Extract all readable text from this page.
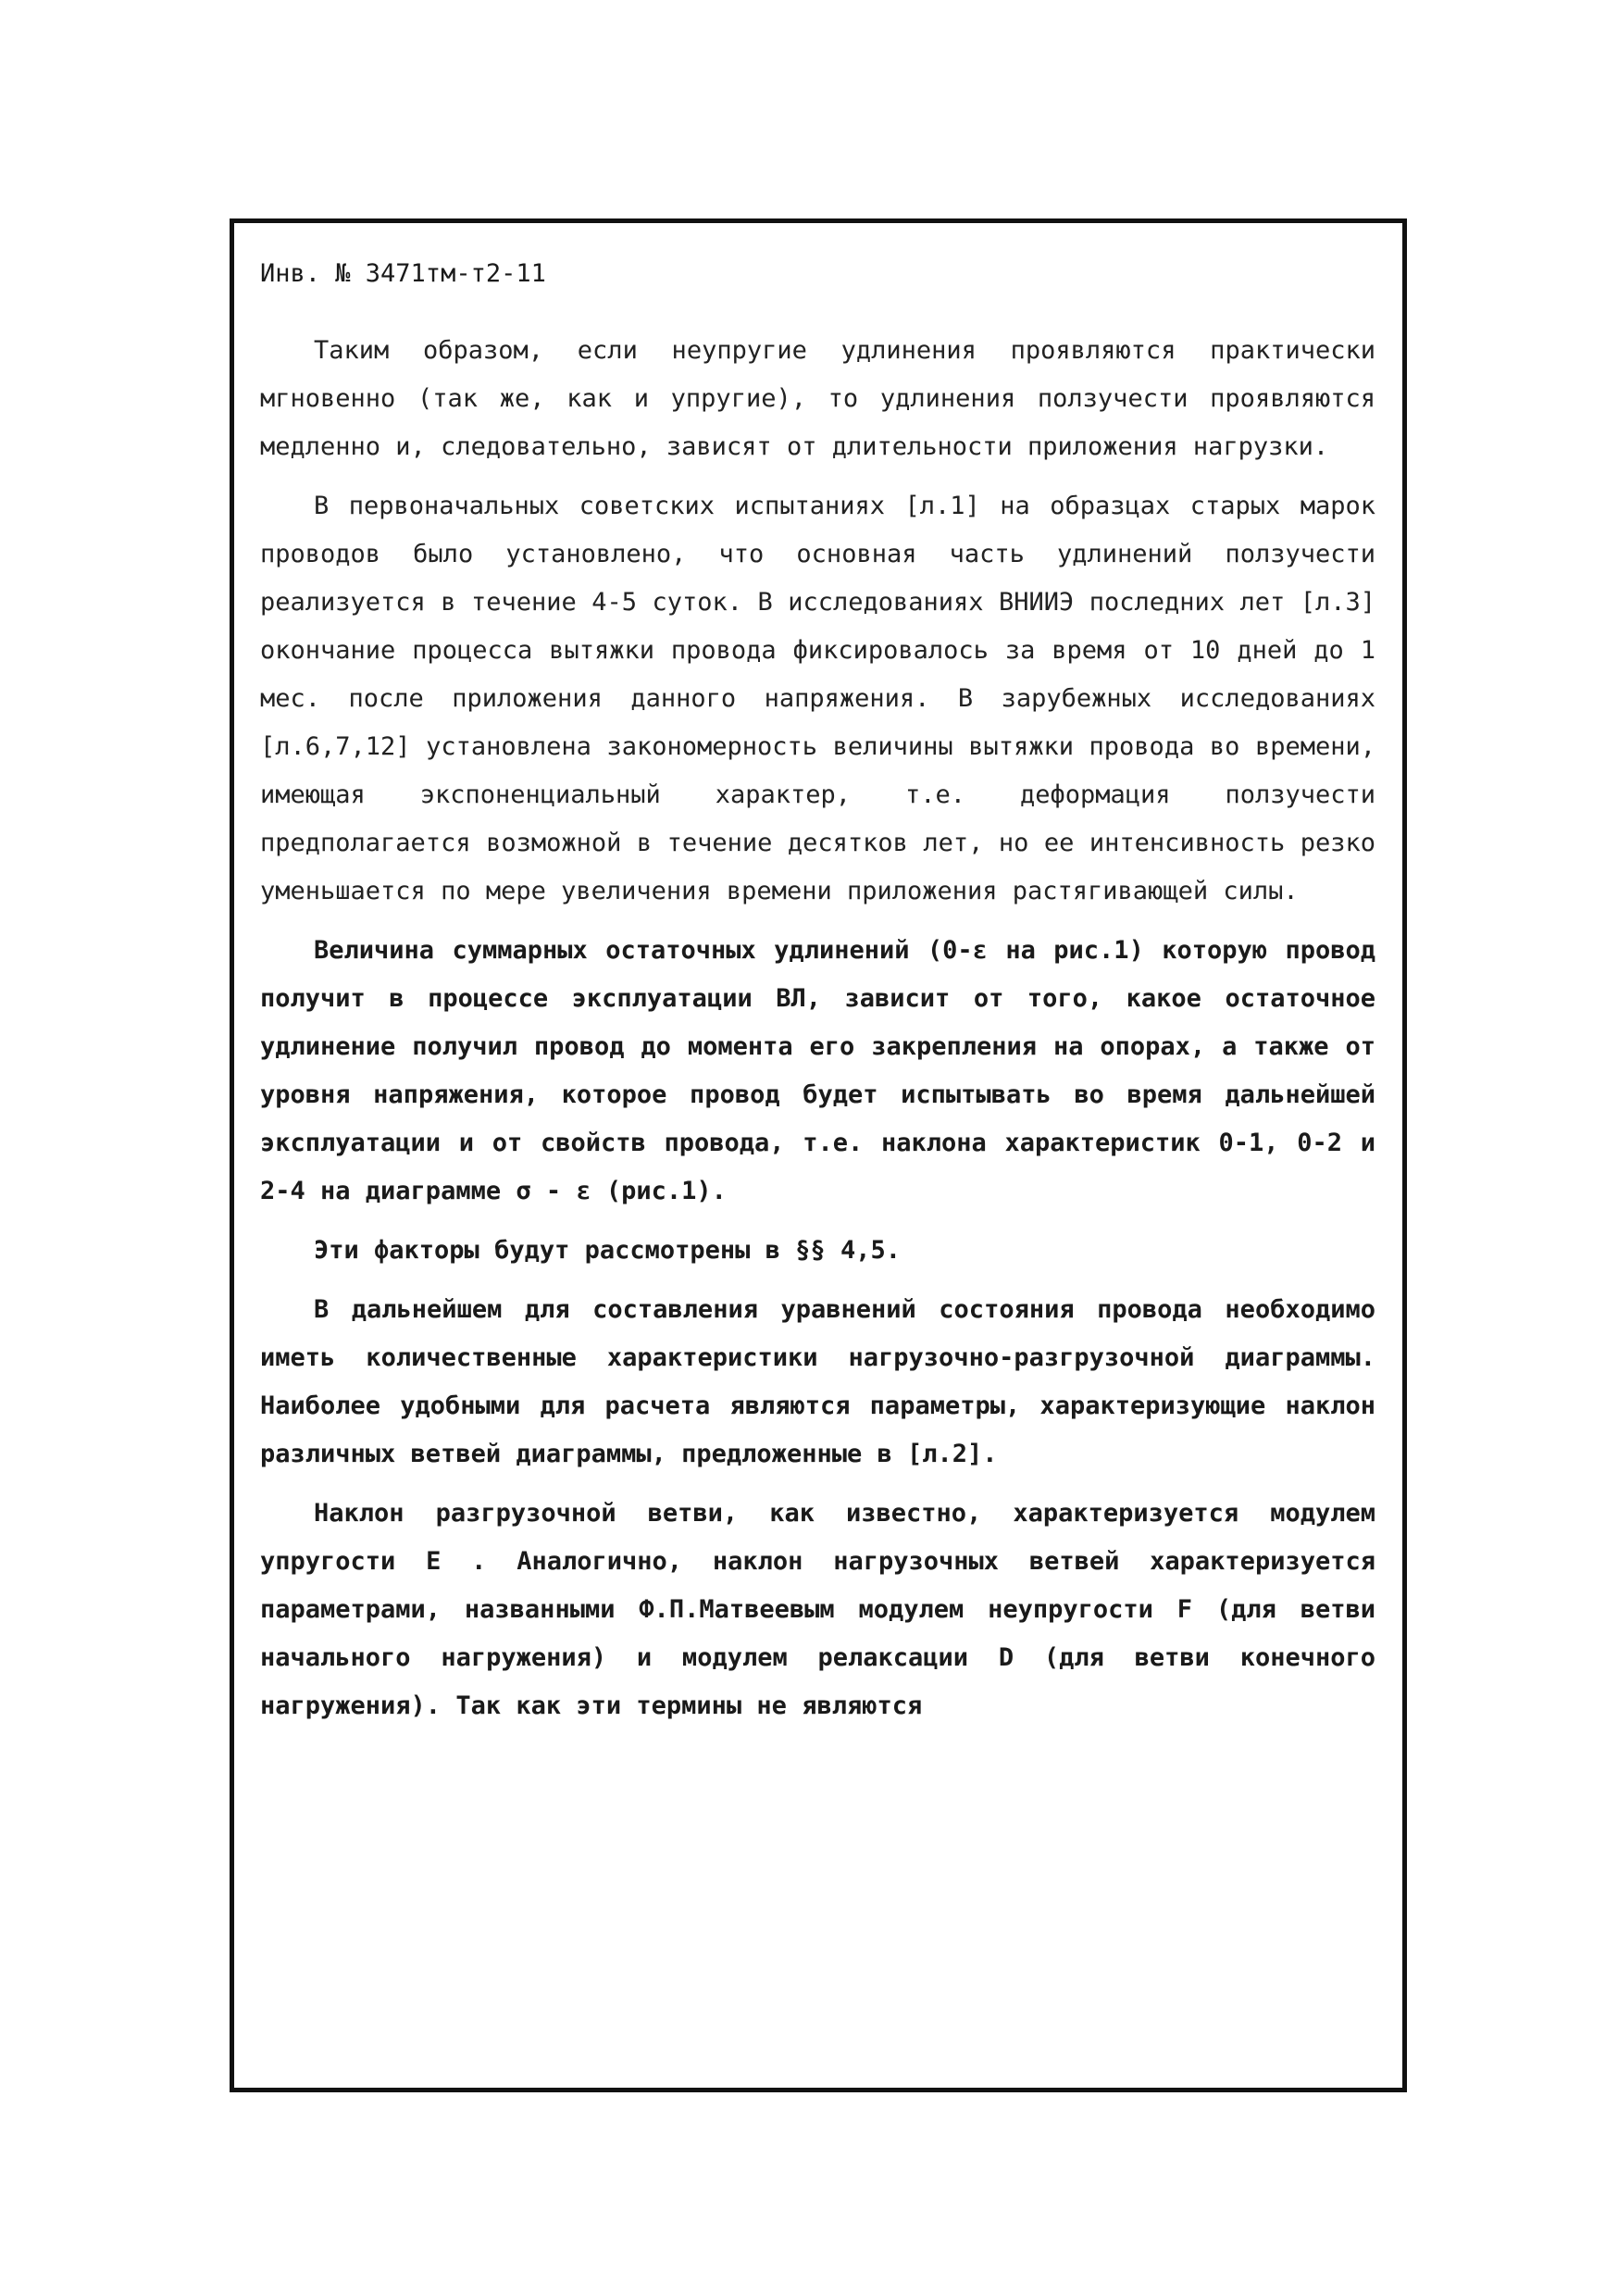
Инв. № 3471тм-т2-11

Таким образом, если неупругие удлинения проявляются практически мгновенно (так же, как и упругие), то удлинения ползучести проявляются медленно и, следовательно, зависят от длительности приложения нагрузки.

В первоначальных советских испытаниях [л.1] на образцах старых марок проводов было установлено, что основная часть удлинений ползучести реализуется в течение 4-5 суток. В исследованиях ВНИИЭ последних лет [л.3] окончание процесса вытяжки провода фиксировалось за время от 10 дней до 1 мес. после приложения данного напряжения. В зарубежных исследованиях [л.6,7,12] установлена закономерность величины вытяжки провода во времени, имеющая экспоненциальный характер, т.е. деформация ползучести предполагается возможной в течение десятков лет, но ее интенсивность резко уменьшается по мере увеличения времени приложения растягивающей силы.

Величина суммарных остаточных удлинений (0-ε на рис.1) которую провод получит в процессе эксплуатации ВЛ, зависит от того, какое остаточное удлинение получил провод до момента его закрепления на опорах, а также от уровня напряжения, которое провод будет испытывать во время дальнейшей эксплуатации и от свойств провода, т.е. наклона характеристик 0-1, 0-2 и 2-4 на диаграмме σ - ε (рис.1).

Эти факторы будут рассмотрены в §§ 4,5.

В дальнейшем для составления уравнений состояния провода необходимо иметь количественные характеристики нагрузочно-разгрузочной диаграммы. Наиболее удобными для расчета являются параметры, характеризующие наклон различных ветвей диаграммы, предложенные в [л.2].

Наклон разгрузочной ветви, как известно, характеризуется модулем упругости E . Аналогично, наклон нагрузочных ветвей характеризуется параметрами, названными Ф.П.Матвеевым модулем неупругости F (для ветви начального нагружения) и модулем релаксации D (для ветви конечного нагружения). Так как эти термины не являются
